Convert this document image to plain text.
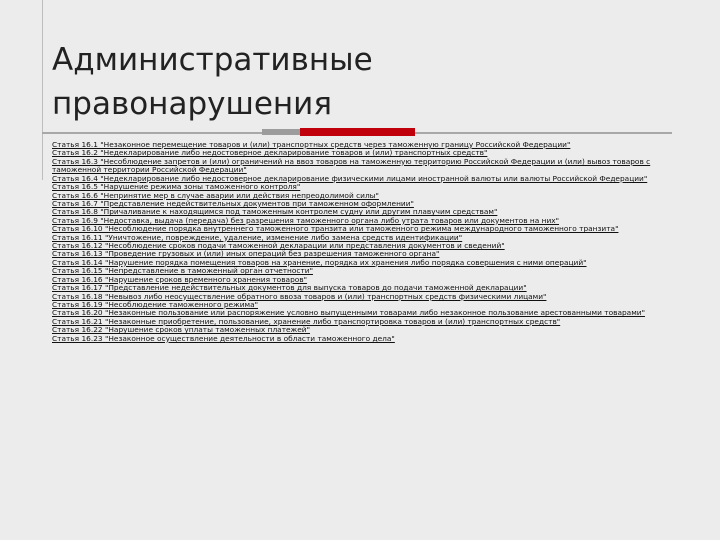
Административные правонарушения
Статья 16.1 "Незаконное перемещение товаров и (или) транспортных средств через таможенную границу Российской Федерации"
Статья 16.2 "Недекларирование либо недостоверное декларирование товаров и (или) транспортных средств"
Статья 16.3 "Несоблюдение запретов и (или) ограничений на ввоз товаров на таможенную территорию Российской Федерации и (или) вывоз товаров с таможенной территории Российской Федерации"
Статья 16.4 "Недекларирование либо недостоверное декларирование физическими лицами иностранной валюты или валюты Российской Федерации"
Статья 16.5 "Нарушение режима зоны таможенного контроля"
Статья 16.6 "Непринятие мер в случае аварии или действия непреодолимой силы"
Статья 16.7 "Представление недействительных документов при таможенном оформлении"
Статья 16.8 "Причаливание к находящимся под таможенным контролем судну или другим плавучим средствам"
Статья 16.9 "Недоставка, выдача (передача) без разрешения таможенного органа либо утрата товаров или документов на них"
Статья 16.10 "Несоблюдение порядка внутреннего таможенного транзита или таможенного режима международного таможенного транзита"
Статья 16.11 "Уничтожение, повреждение, удаление, изменение либо замена средств идентификации"
Статья 16.12 "Несоблюдение сроков подачи таможенной декларации или представления документов и сведений"
Статья 16.13 "Проведение грузовых и (или) иных операций без разрешения таможенного органа"
Статья 16.14 "Нарушение порядка помещения товаров на хранение, порядка их хранения либо порядка совершения с ними операций"
Статья 16.15 "Непредставление в таможенный орган отчетности"
Статья 16.16 "Нарушение сроков временного хранения товаров"
Статья 16.17 "Представление недействительных документов для выпуска товаров до подачи таможенной декларации"
Статья 16.18 "Невывоз либо неосуществление обратного ввоза товаров и (или) транспортных средств физическими лицами"
Статья 16.19 "Несоблюдение таможенного режима"
Статья 16.20 "Незаконные пользование или распоряжение условно выпущенными товарами либо незаконное пользование арестованными товарами"
Статья 16.21 "Незаконные приобретение, пользование, хранение либо транспортировка товаров и (или) транспортных средств"
Статья 16.22 "Нарушение сроков уплаты таможенных платежей"
Статья 16.23 "Незаконное осуществление деятельности в области таможенного дела"
